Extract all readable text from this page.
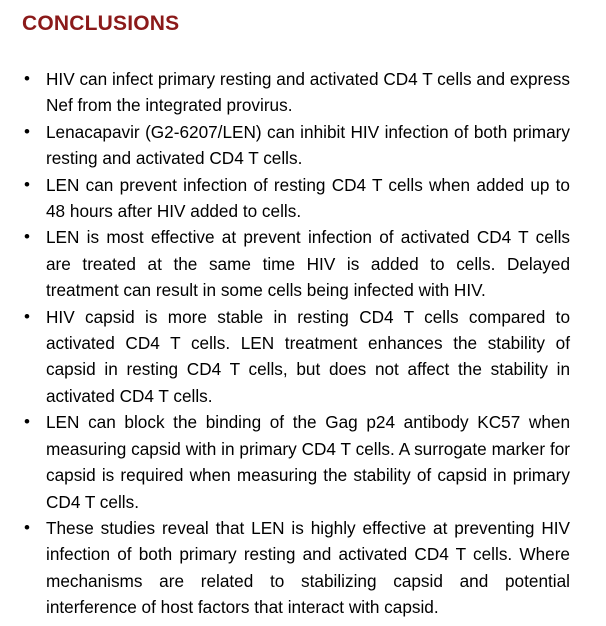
CONCLUSIONS
• HIV can infect primary resting and activated CD4 T cells and express Nef from the integrated provirus.
• Lenacapavir (G2-6207/LEN) can inhibit HIV infection of both primary resting and activated CD4 T cells.
• LEN can prevent infection of resting CD4 T cells when added up to 48 hours after HIV added to cells.
• LEN is most effective at prevent infection of activated CD4 T cells are treated at the same time HIV is added to cells. Delayed treatment can result in some cells being infected with HIV.
• HIV capsid is more stable in resting CD4 T cells compared to activated CD4 T cells. LEN treatment enhances the stability of capsid in resting CD4 T cells, but does not affect the stability in activated CD4 T cells.
• LEN can block the binding of the Gag p24 antibody KC57 when measuring capsid with in primary CD4 T cells. A surrogate marker for capsid is required when measuring the stability of capsid in primary CD4 T cells.
• These studies reveal that LEN is highly effective at preventing HIV infection of both primary resting and activated CD4 T cells. Where mechanisms are related to stabilizing capsid and potential interference of host factors that interact with capsid.
